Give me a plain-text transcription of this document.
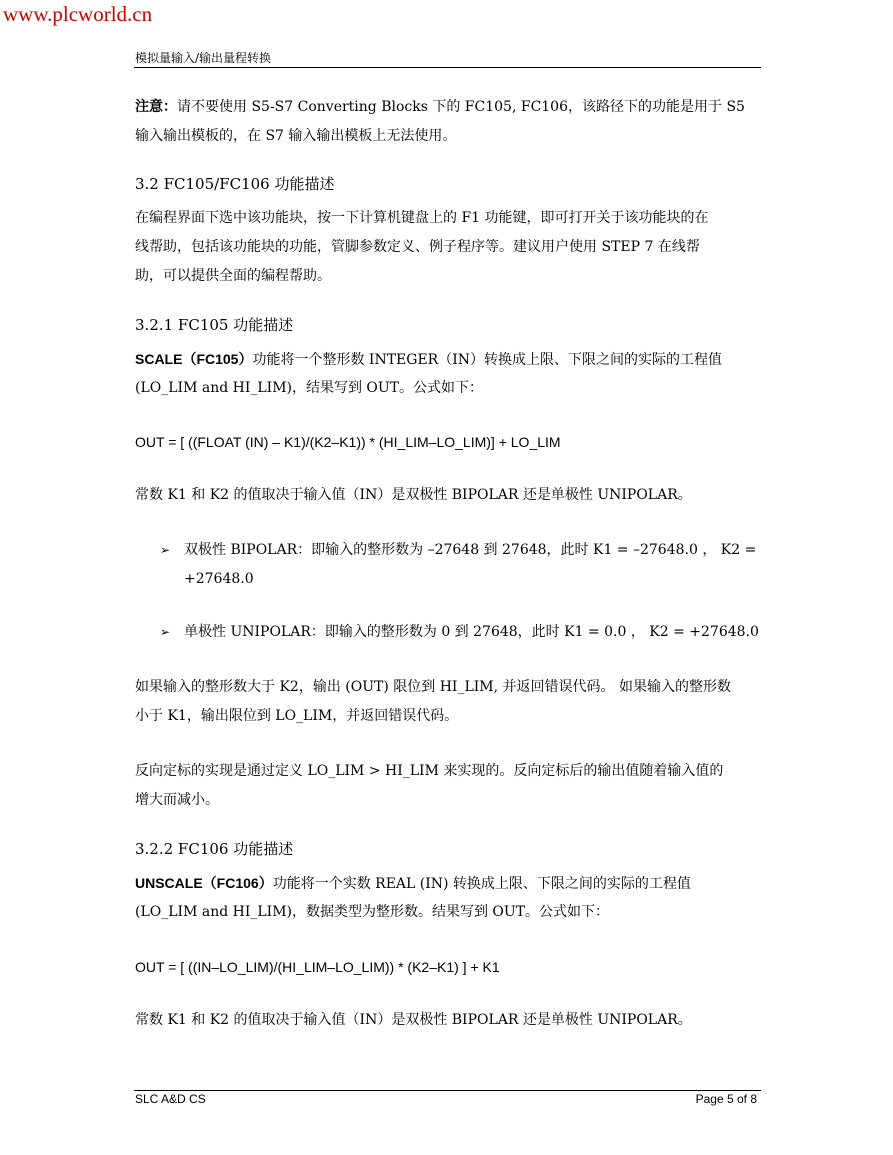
www.plcworld.cn
模拟量输入/输出量程转换
注意：请不要使用 S5-S7 Converting Blocks 下的 FC105, FC106，该路径下的功能是用于 S5
输入输出模板的，在 S7 输入输出模板上无法使用。
3.2 FC105/FC106 功能描述
在编程界面下选中该功能块，按一下计算机键盘上的 F1 功能键，即可打开关于该功能块的在
线帮助，包括该功能块的功能，管脚参数定义、例子程序等。建议用户使用 STEP 7 在线帮
助，可以提供全面的编程帮助。
3.2.1 FC105 功能描述
SCALE（FC105）功能将一个整形数 INTEGER（IN）转换成上限、下限之间的实际的工程值
(LO_LIM and HI_LIM)，结果写到 OUT。公式如下：
OUT = [ ((FLOAT (IN) – K1)/(K2–K1)) * (HI_LIM–LO_LIM)] + LO_LIM
常数 K1 和 K2 的值取决于输入值（IN）是双极性 BIPOLAR 还是单极性 UNIPOLAR。
➢ 双极性 BIPOLAR：即输入的整形数为 –27648 到 27648，此时 K1 = –27648.0 ， K2 =
+27648.0
➢ 单极性 UNIPOLAR：即输入的整形数为 0 到 27648，此时 K1 = 0.0 ， K2 = +27648.0
如果输入的整形数大于 K2，输出 (OUT) 限位到 HI_LIM, 并返回错误代码。 如果输入的整形数
小于 K1，输出限位到 LO_LIM，并返回错误代码。
反向定标的实现是通过定义 LO_LIM > HI_LIM 来实现的。反向定标后的输出值随着输入值的
增大而减小。
3.2.2 FC106 功能描述
UNSCALE（FC106）功能将一个实数 REAL (IN) 转换成上限、下限之间的实际的工程值
(LO_LIM and HI_LIM)，数据类型为整形数。结果写到 OUT。公式如下：
OUT = [ ((IN–LO_LIM)/(HI_LIM–LO_LIM)) * (K2–K1) ] + K1
常数 K1 和 K2 的值取决于输入值（IN）是双极性 BIPOLAR 还是单极性 UNIPOLAR。
SLC A&D CS	Page 5 of 8
